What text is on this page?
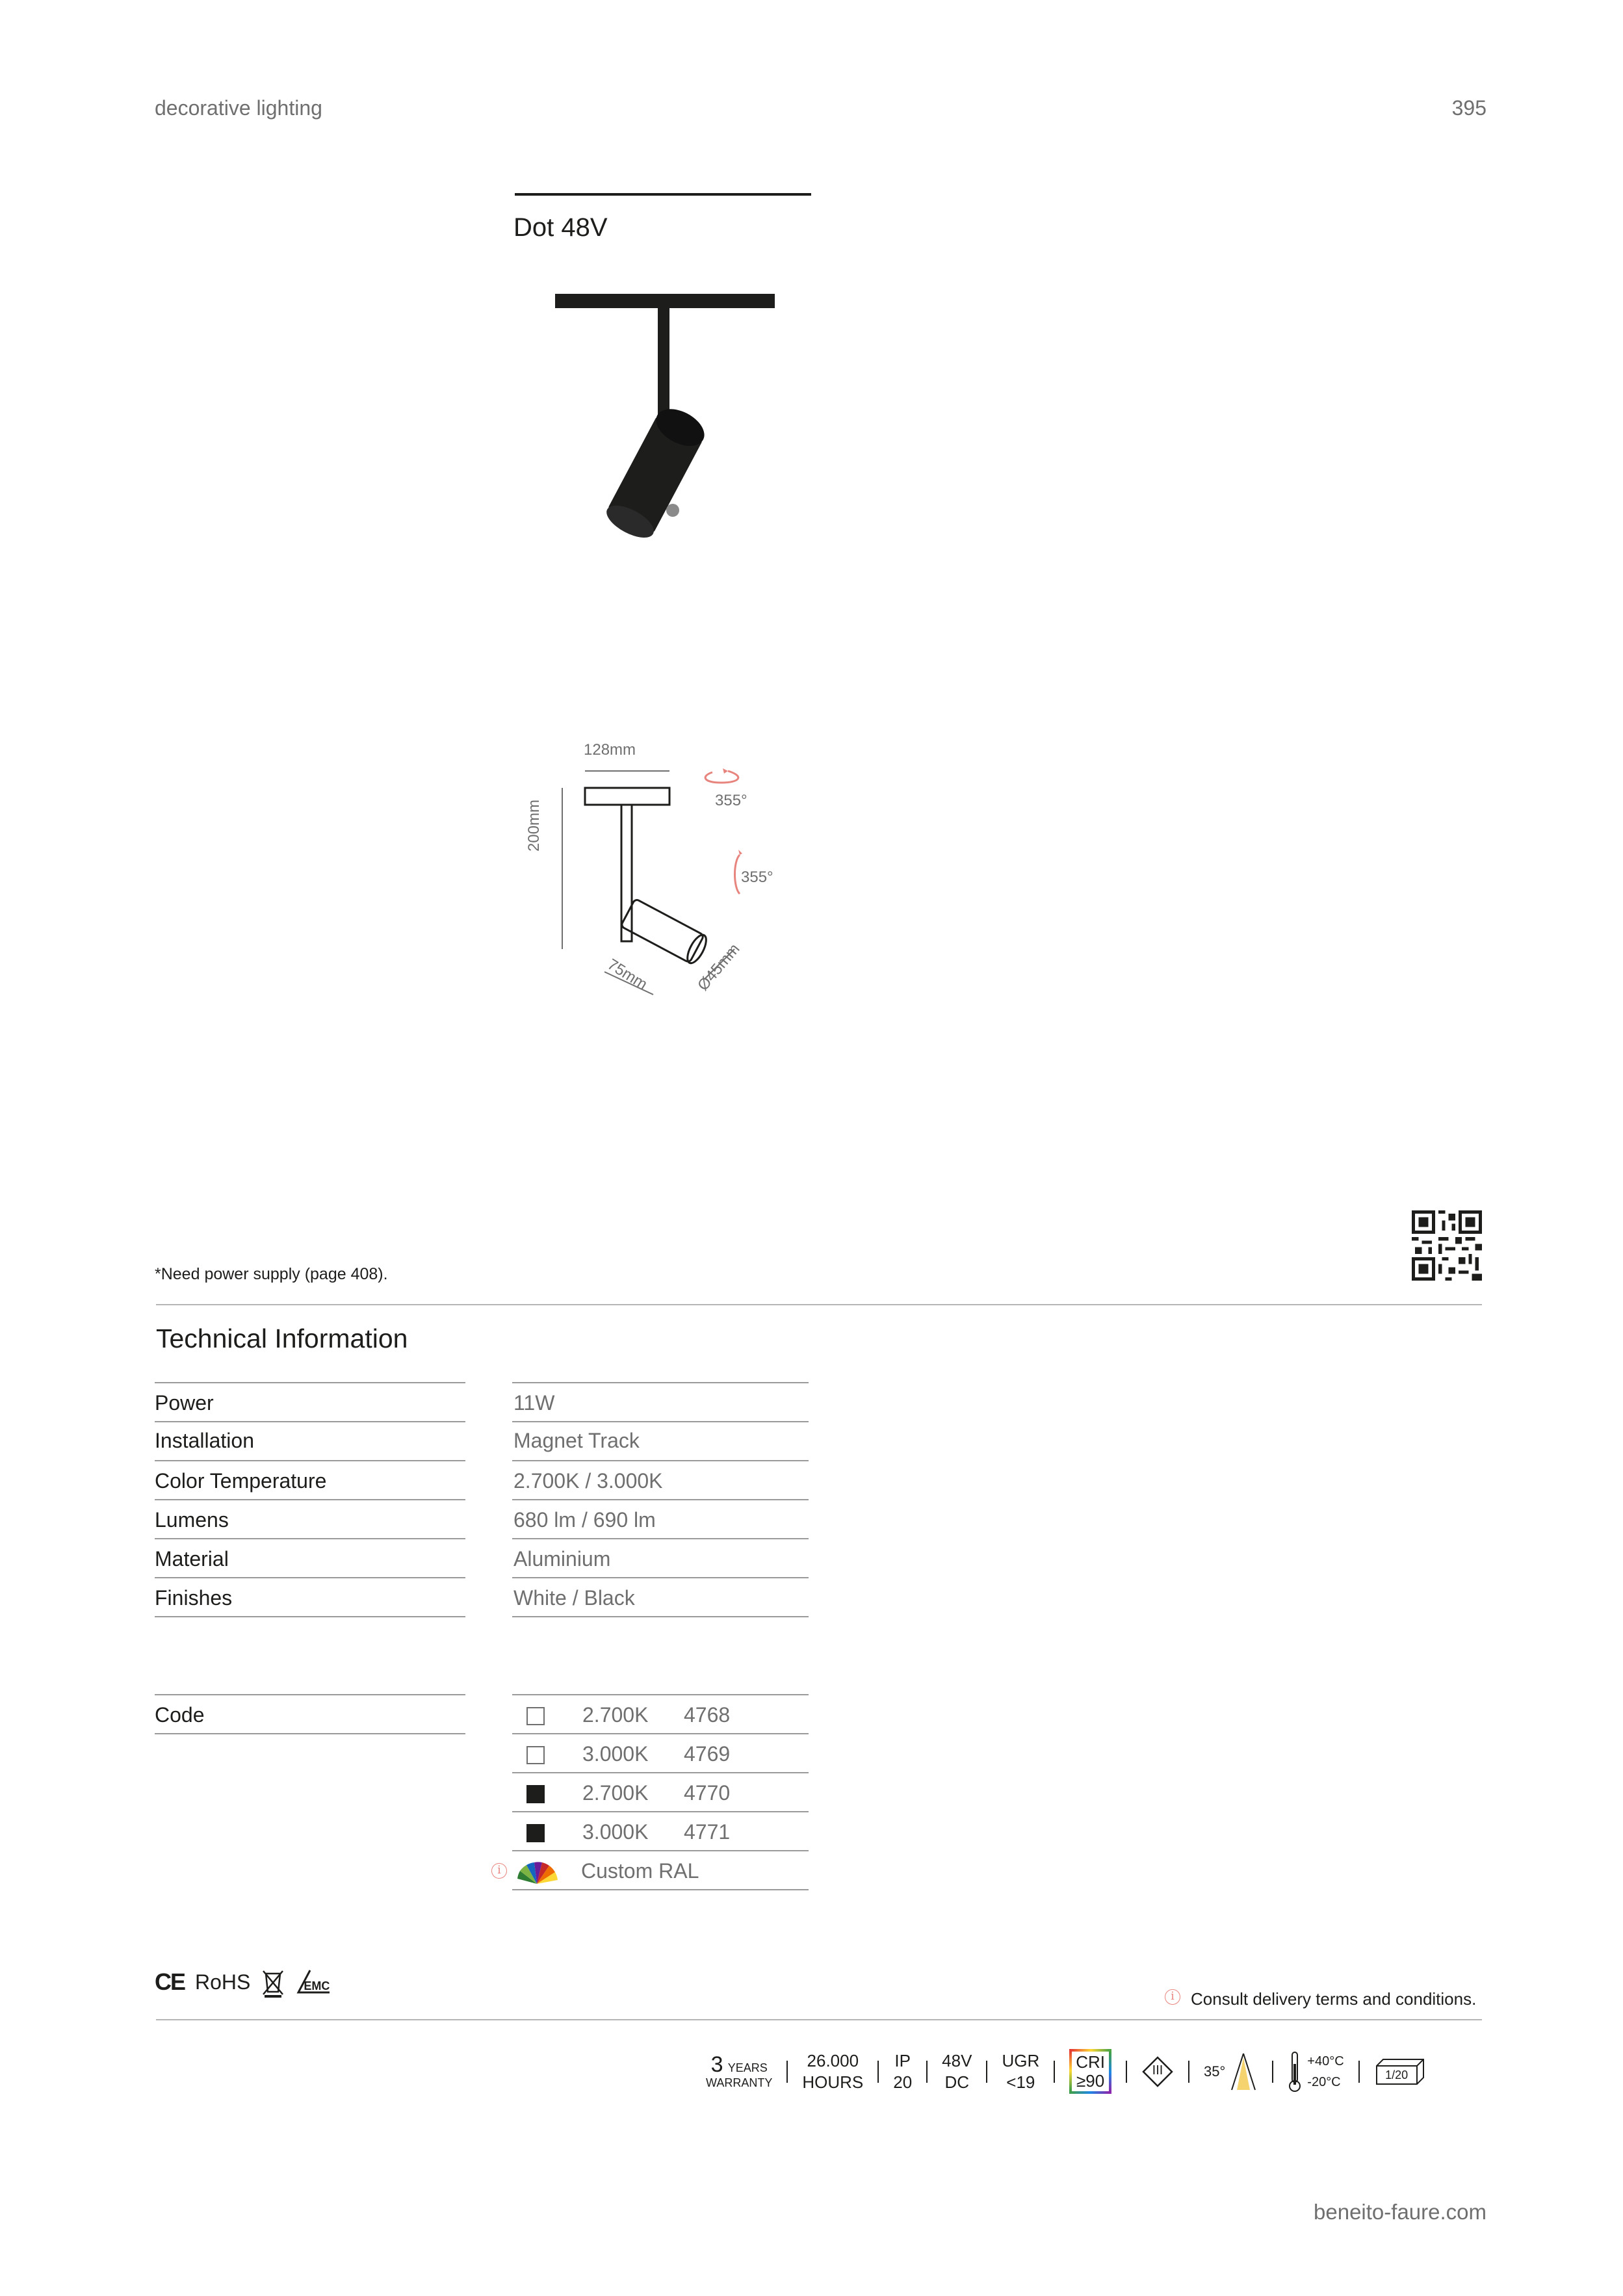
decorative lighting	395
Dot 48V
128mm
200mm	355°
355°
75mm	Ø45mm
*Need power supply (page 408).
Technical Information
Power	11W
Installation	Magnet Track
Color Temperature	2.700K / 3.000K
Lumens	680 lm / 690 lm
Material	Aluminium
Finishes	White / Black
Code	2.700K 4768
3.000K 4769
2.700K 4770
3.000K 4771
i	Custom RAL
CE RoHS	EMC
i Consult delivery terms and conditions.
3 YEARS
WARRANTY
26.000
HOURS
IP
20
48V
DC
UGR
<19
CRI
≥90
III	35°
+40°C
-20°C	1/20
beneito-faure.com
